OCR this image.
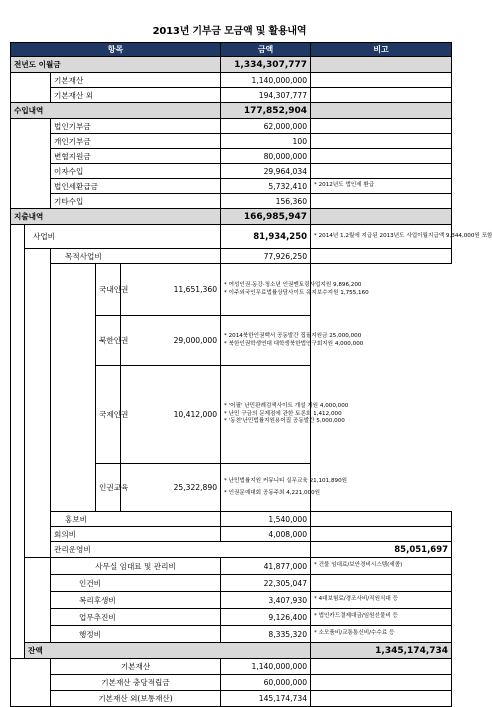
2013년 기부금 모금액 및 활용내역
항목					금액	비고	
전년도 이월금					1,334,307,777		
		기본재산			1,140,000,000		
		기본재산 외			194,307,777		
수입내역					177,852,904		
		법인기부금			62,000,000		
		개인기부금			100		
		변협지원금			80,000,000		
		이자수입			29,964,034		
		법인세환급금			5,732,410	* 2012년도 법인세 환급	
		기타수입			156,360		
지출내역					166,985,947		
	사업비				81,934,250	* 2014년 1,2월에 지급된 2013년도 사업이월지급액 9,344,000원 포함	

		목적사업비			77,926,250		
			국내인권	11,651,360	* 여성인권·동강·청소년 인권멘토링사업지원 9,896,200

* 이주외국인무료법률상담사이트 유지보수지원 1,755,160		

			북한인권	29,000,000	* 2014북한인권백서 공동발간 집필지원금 25,000,000

* 북한인권학생연대 대학생북한법연구회지원 4,000,000		

			국제인권	10,412,000	* '어필' 난민판례검색사이트 개설 지원 4,000,000

* 난민 구금의 문제점에 관한 토론회 1,412,000

* '동천'난민법률지원용어집 공동발간 5,000,000		

			인권교육	25,322,890	* 난민법률지원 커뮤니티 실무교육 21,101,890원

* 인권문예대회 공동주최 4,221,000원		

		홍보비			1,540,000		
		회의비			4,008,000		
		관리운영비				85,051,697	
		사무실 임대료 및 관리비			41,877,000	* 건물 임대료/보안경비시스템(세콤)	
		인건비			22,305,047		
		복리후생비			3,407,930	* 4대보험료/경조사비/직원식대 등	
		업무추진비			9,126,400	* 법인카드결제대금/임원선물비 등	
		행정비			8,335,320	* 소모품비/교통통신비/수수료 등	
	잔액					1,345,174,734	
		기본재산			1,140,000,000		
		기본재산 충당적립금			60,000,000		
		기본재산 외(보통재산)			145,174,734		
